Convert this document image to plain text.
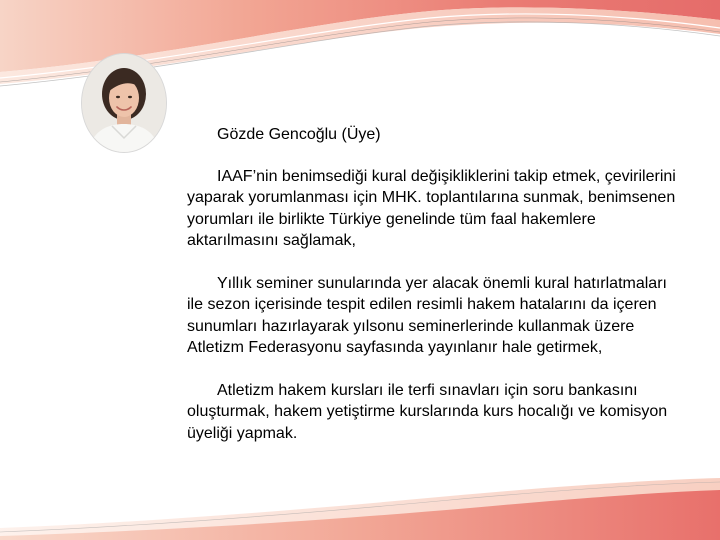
Gözde Gencoğlu (Üye)

IAAF’nin benimsediği kural değişikliklerini takip etmek, çevirilerini yaparak yorumlanması için MHK. toplantılarına sunmak, benimsenen yorumları ile birlikte Türkiye genelinde tüm faal hakemlere aktarılmasını sağlamak,

Yıllık seminer sunularında yer alacak önemli kural hatırlatmaları ile sezon içerisinde tespit edilen resimli hakem hatalarını da içeren sunumları hazırlayarak yılsonu seminerlerinde kullanmak üzere Atletizm Federasyonu sayfasında yayınlanır hale getirmek,

Atletizm hakem kursları ile terfi sınavları için soru bankasını oluşturmak, hakem yetiştirme kurslarında kurs hocalığı ve komisyon üyeliği yapmak.
